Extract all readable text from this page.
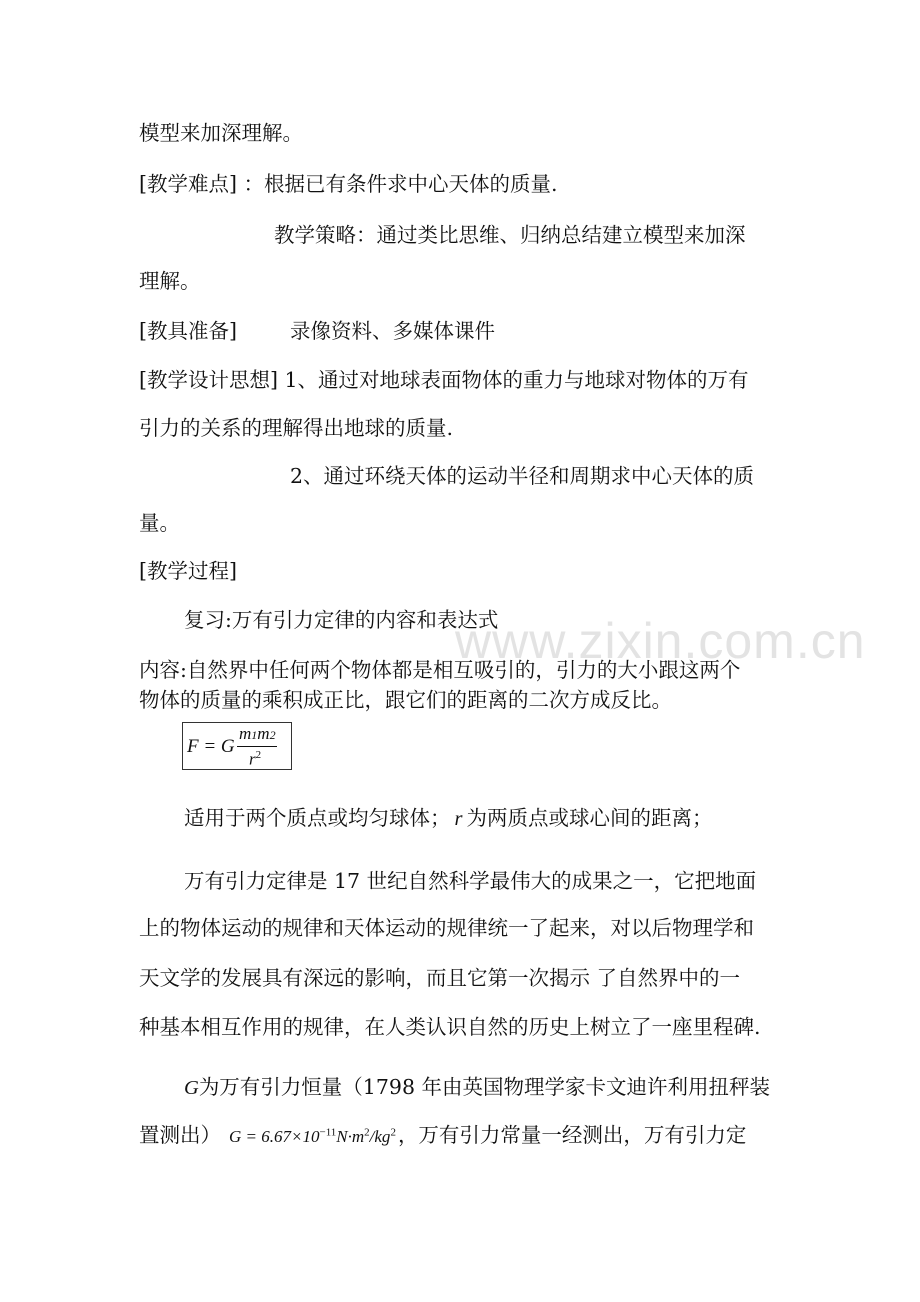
www.zixin.com.cn
模型来加深理解。
[教学难点] ：根据已有条件求中心天体的质量.
教学策略：通过类比思维、归纳总结建立模型来加深
理解。
[教具准备]	录像资料、多媒体课件
[教学设计思想] 1、通过对地球表面物体的重力与地球对物体的万有
引力的关系的理解得出地球的质量.
2、通过环绕天体的运动半径和周期求中心天体的质
量。
[教学过程]
复习:万有引力定律的内容和表达式
内容:自然界中任何两个物体都是相互吸引的，引力的大小跟这两个
物体的质量的乘积成正比，跟它们的距离的二次方成反比。
F = G
m1m2
$r^2$
适用于两个质点或均匀球体； r 为两质点或球心间的距离；
万有引力定律是 17 世纪自然科学最伟大的成果之一，它把地面
上的物体运动的规律和天体运动的规律统一了起来，对以后物理学和
天文学的发展具有深远的影响，而且它第一次揭示 了自然界中的一
种基本相互作用的规律，在人类认识自然的历史上树立了一座里程碑.
G为万有引力恒量（1798 年由英国物理学家卡文迪许利用扭秤装
置测出） $G = 6.67\times 10^{-11}N\cdot m^2/kg^2$，万有引力常量一经测出，万有引力定
